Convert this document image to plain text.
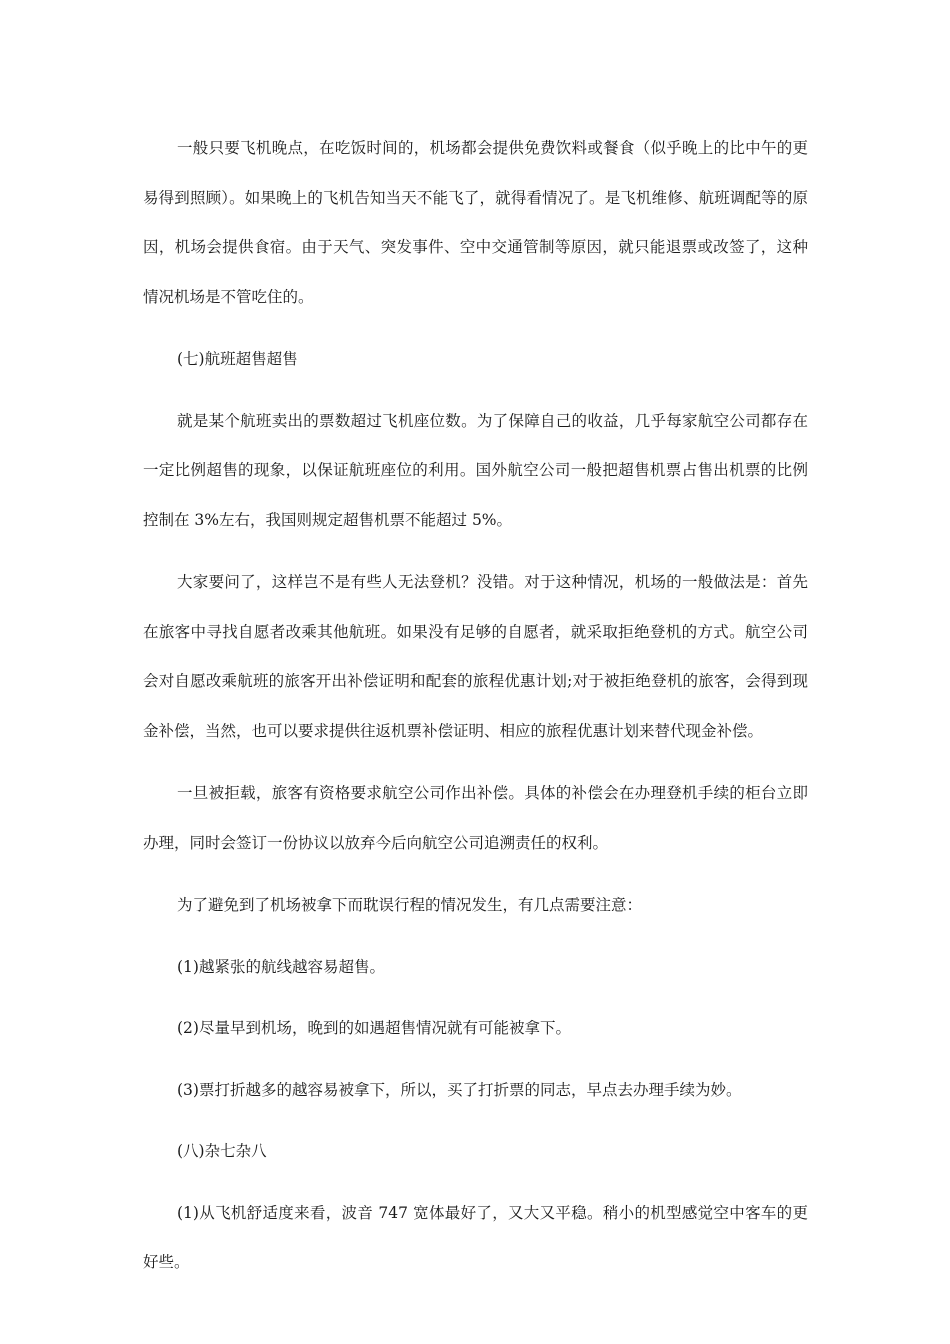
一般只要飞机晚点，在吃饭时间的，机场都会提供免费饮料或餐食（似乎晚上的比中午的更易得到照顾）。如果晚上的飞机告知当天不能飞了，就得看情况了。是飞机维修、航班调配等的原因，机场会提供食宿。由于天气、突发事件、空中交通管制等原因，就只能退票或改签了，这种情况机场是不管吃住的。

(七)航班超售超售

就是某个航班卖出的票数超过飞机座位数。为了保障自己的收益，几乎每家航空公司都存在一定比例超售的现象，以保证航班座位的利用。国外航空公司一般把超售机票占售出机票的比例控制在 3%左右，我国则规定超售机票不能超过 5%。

大家要问了，这样岂不是有些人无法登机？没错。对于这种情况，机场的一般做法是：首先在旅客中寻找自愿者改乘其他航班。如果没有足够的自愿者，就采取拒绝登机的方式。航空公司会对自愿改乘航班的旅客开出补偿证明和配套的旅程优惠计划;对于被拒绝登机的旅客，会得到现金补偿，当然，也可以要求提供往返机票补偿证明、相应的旅程优惠计划来替代现金补偿。

一旦被拒载，旅客有资格要求航空公司作出补偿。具体的补偿会在办理登机手续的柜台立即办理，同时会签订一份协议以放弃今后向航空公司追溯责任的权利。

为了避免到了机场被拿下而耽误行程的情况发生，有几点需要注意：

(1)越紧张的航线越容易超售。

(2)尽量早到机场，晚到的如遇超售情况就有可能被拿下。

(3)票打折越多的越容易被拿下，所以，买了打折票的同志，早点去办理手续为妙。

(八)杂七杂八

(1)从飞机舒适度来看，波音 747 宽体最好了，又大又平稳。稍小的机型感觉空中客车的更好些。
